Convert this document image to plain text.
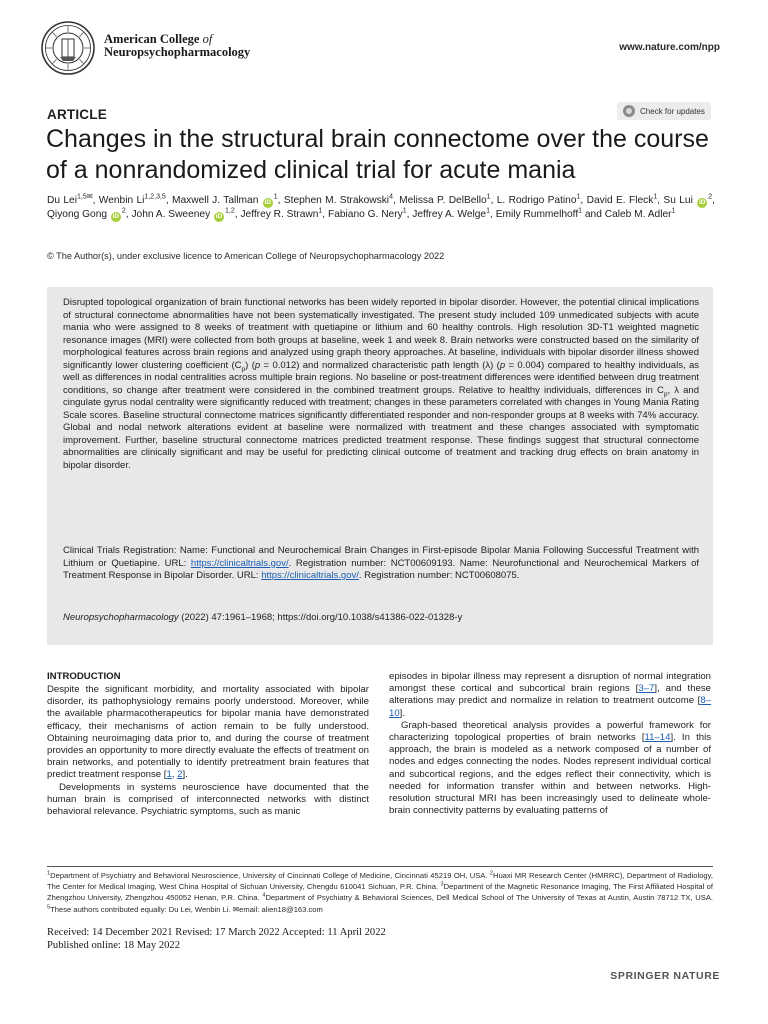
American College of
Neuropsychopharmacology	www.nature.com/npp
ARTICLE	Check for updates
Changes in the structural brain connectome over the course of a nonrandomized clinical trial for acute mania
Du Lei$^{1,5✉}$, Wenbin Li$^{1,2,3,5}$, Maxwell J. Tallman $iD^1$, Stephen M. Strakowski$^4$, Melissa P. DelBello$^1$, L. Rodrigo Patino$^1$, David E. Fleck$^1$, Su Lui $iD^2$, Qiyong Gong $iD^2$, John A. Sweeney iD$^{1,2}$, Jeffrey R. Strawn$^1$, Fabiano G. Nery$^1$, Jeffrey A. Welge$^1$, Emily Rummelhoff$^1$ and Caleb M. Adler$^1$
© The Author(s), under exclusive licence to American College of Neuropsychopharmacology 2022
Disrupted topological organization of brain functional networks has been widely reported in bipolar disorder. However, the potential clinical implications of structural connectome abnormalities have not been systematically investigated. The present study included 109 unmedicated subjects with acute mania who were assigned to 8 weeks of treatment with quetiapine or lithium and 60 healthy controls. High resolution 3D-T1 weighted magnetic resonance images (MRI) were collected from both groups at baseline, week 1 and week 8. Brain networks were constructed based on the similarity of morphological features across brain regions and analyzed using graph theory approaches. At baseline, individuals with bipolar disorder illness showed significantly lower clustering coefficient $(C_p) (p = 0.012)$ and normalized characteristic path length (λ) (p = 0.004) compared to healthy individuals, as well as differences in nodal centralities across multiple brain regions. No baseline or post-treatment differences were identified between drug treatment conditions, so change after treatment were considered in the combined treatment groups. Relative to healthy individuals, differences in $C_p$, λ and cingulate gyrus nodal centrality were significantly reduced with treatment; changes in these parameters correlated with changes in Young Mania Rating Scale scores. Baseline structural connectome matrices significantly differentiated responder and non-responder groups at 8 weeks with 74% accuracy. Global and nodal network alterations evident at baseline were normalized with treatment and these changes associated with symptomatic improvement. Further, baseline structural connectome matrices predicted treatment response. These findings suggest that structural connectome abnormalities are clinically significant and may be useful for predicting clinical outcome of treatment and tracking drug effects on brain anatomy in bipolar disorder.
Clinical Trials Registration: Name: Functional and Neurochemical Brain Changes in First-episode Bipolar Mania Following Successful Treatment with Lithium or Quetiapine. URL: https://clinicaltrials.gov/. Registration number: NCT00609193. Name: Neurofunctional and Neurochemical Markers of Treatment Response in Bipolar Disorder. URL: https://clinicaltrials.gov/. Registration number: NCT00608075.
Neuropsychopharmacology (2022) 47:1961–1968; https://doi.org/10.1038/s41386-022-01328-y
INTRODUCTION

Despite the significant morbidity, and mortality associated with bipolar disorder, its pathophysiology remains poorly understood. Moreover, while the available pharmacotherapeutics for bipolar mania have demonstrated efficacy, their mechanisms of action remain to be fully understood. Obtaining neuroimaging data prior to, and during the course of treatment provides an opportunity to more directly evaluate the effects of treatment on brain networks, and potentially to identify pretreatment brain features that predict treatment response [1, 2].

Developments in systems neuroscience have documented that the human brain is comprised of interconnected networks with distinct behavioral relevance. Psychiatric symptoms, such as manic

episodes in bipolar illness may represent a disruption of normal integration amongst these cortical and subcortical brain regions [3–7], and these alterations may predict and normalize in relation to treatment outcome [8–10].

Graph-based theoretical analysis provides a powerful framework for characterizing topological properties of brain networks [11–14]. In this approach, the brain is modeled as a network composed of a number of nodes and edges connecting the nodes. Nodes represent individual cortical and subcortical regions, and the edges reflect their connectivity, which is needed for information transfer within and between networks. High-resolution structural MRI has been increasingly used to delineate whole-brain connectivity patterns by evaluating patterns of

$^1$Department of Psychiatry and Behavioral Neuroscience, University of Cincinnati College of Medicine, Cincinnati 45219 OH, USA. $^2$Huaxi MR Research Center (HMRRC), Department of Radiology, The Center for Medical Imaging, West China Hospital of Sichuan University, Chengdu 610041 Sichuan, P.R. China. $^3$Department of the Magnetic Resonance Imaging, The First Affiliated Hospital of Zhengzhou University, Zhengzhou 450052 Henan, P.R. China. $^4$Department of Psychiatry & Behavioral Sciences, Dell Medical School of The University of Texas at Austin, Austin 78712 TX, USA. $^5$These authors contributed equally: Du Lei, Wenbin Li. ✉email: alien18@163.com
Received: 14 December 2021 Revised: 17 March 2022 Accepted: 11 April 2022
Published online: 18 May 2022
SPRINGER NATURE
